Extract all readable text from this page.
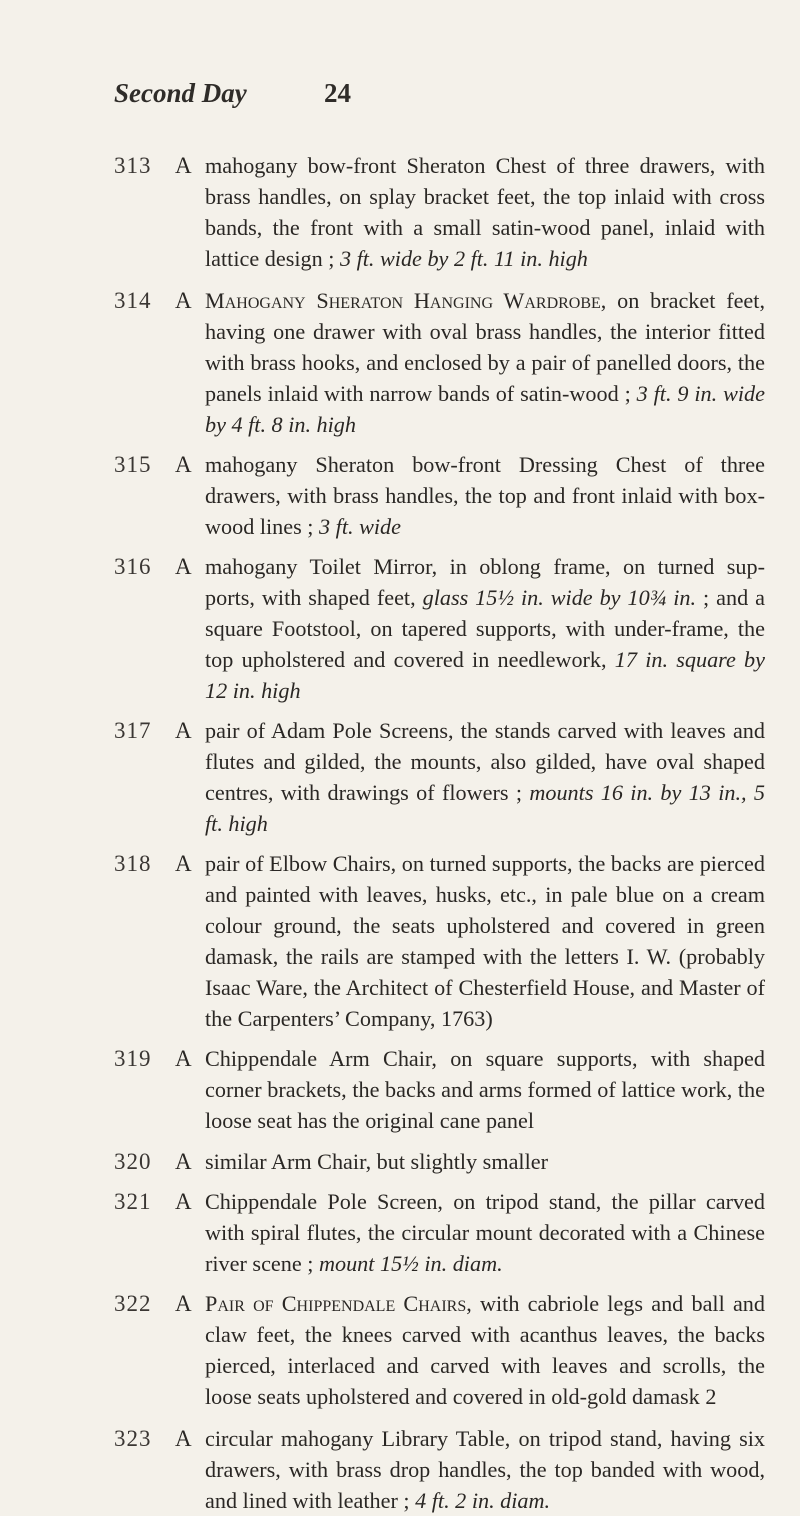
Second Day	24
313	A mahogany bow-front Sheraton Chest of three drawers, with brass handles, on splay bracket feet, the top inlaid with cross bands, the front with a small satin-wood panel, inlaid with lattice design ; 3 ft. wide by 2 ft. 11 in. high
314	A Mahogany Sheraton Hanging Wardrobe, on bracket feet, having one drawer with oval brass handles, the interior fitted with brass hooks, and enclosed by a pair of panelled doors, the panels inlaid with narrow bands of satin-wood ; 3 ft. 9 in. wide by 4 ft. 8 in. high
315	A mahogany Sheraton bow-front Dressing Chest of three drawers, with brass handles, the top and front inlaid with box-wood lines ; 3 ft. wide
316	A mahogany Toilet Mirror, in oblong frame, on turned sup- ports, with shaped feet, glass 15½ in. wide by 10¾ in. ; and a square Footstool, on tapered supports, with under-frame, the top upholstered and covered in needlework, 17 in. square by 12 in. high
317	A pair of Adam Pole Screens, the stands carved with leaves and flutes and gilded, the mounts, also gilded, have oval shaped centres, with drawings of flowers ; mounts 16 in. by 13 in., 5 ft. high
318	A pair of Elbow Chairs, on turned supports, the backs are pierced and painted with leaves, husks, etc., in pale blue on a cream colour ground, the seats upholstered and covered in green damask, the rails are stamped with the letters I. W. (probably Isaac Ware, the Architect of Chesterfield House, and Master of the Carpenters’ Company, 1763)
319	A Chippendale Arm Chair, on square supports, with shaped corner brackets, the backs and arms formed of lattice work, the loose seat has the original cane panel
320	A similar Arm Chair, but slightly smaller
321	A Chippendale Pole Screen, on tripod stand, the pillar carved with spiral flutes, the circular mount decorated with a Chinese river scene ; mount 15½ in. diam.
322	A Pair of Chippendale Chairs, with cabriole legs and ball and claw feet, the knees carved with acanthus leaves, the backs pierced, interlaced and carved with leaves and scrolls, the loose seats upholstered and covered in old-gold damask 2
323	A circular mahogany Library Table, on tripod stand, having six drawers, with brass drop handles, the top banded with wood, and lined with leather ; 4 ft. 2 in. diam.
